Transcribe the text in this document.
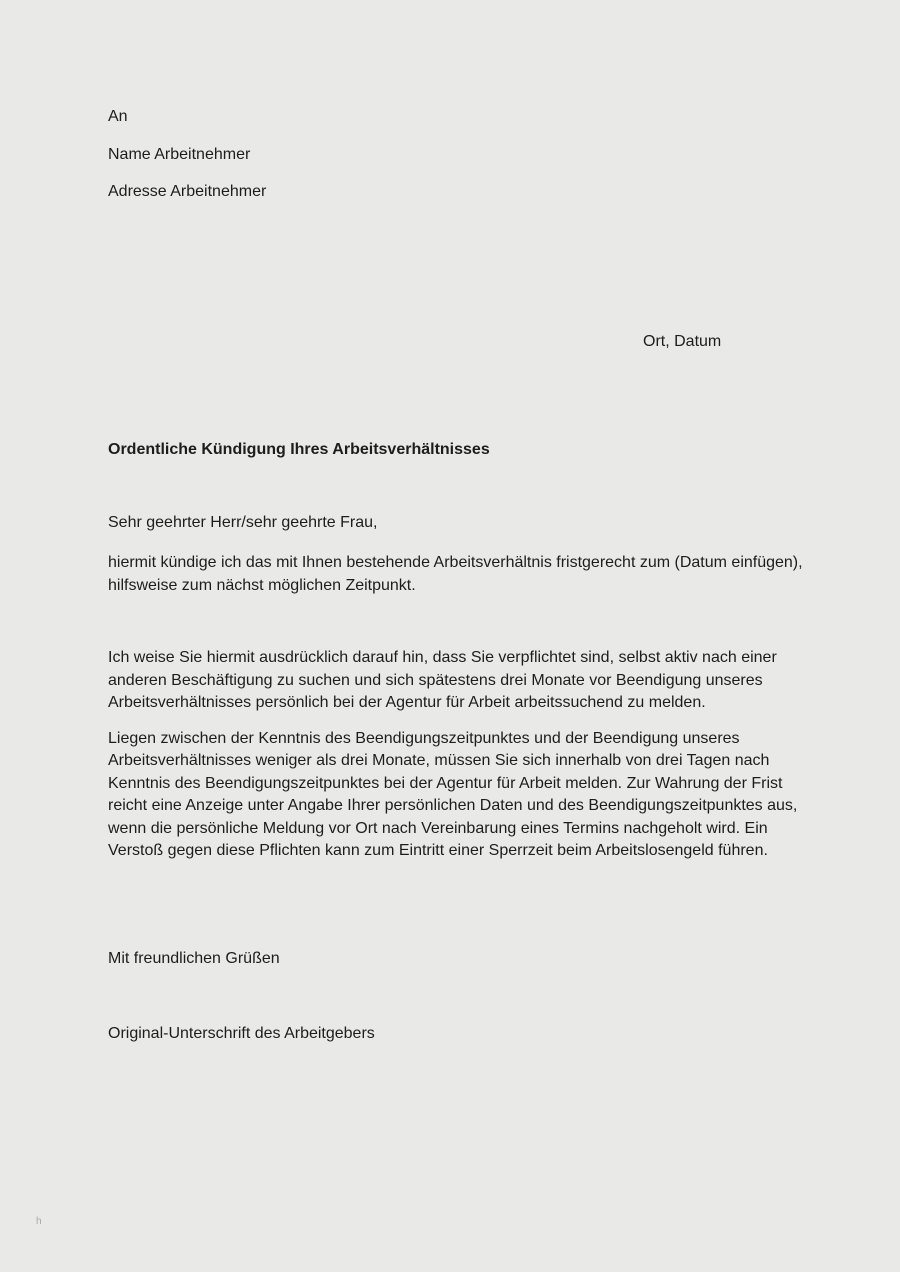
An
Name Arbeitnehmer
Adresse Arbeitnehmer
Ort, Datum
Ordentliche Kündigung Ihres Arbeitsverhältnisses
Sehr geehrter Herr/sehr geehrte Frau,
hiermit kündige ich das mit Ihnen bestehende Arbeitsverhältnis fristgerecht zum (Datum einfügen), hilfsweise zum nächst möglichen Zeitpunkt.
Ich weise Sie hiermit ausdrücklich darauf hin, dass Sie verpflichtet sind, selbst aktiv nach einer anderen Beschäftigung zu suchen und sich spätestens drei Monate vor Beendigung unseres Arbeitsverhältnisses persönlich bei der Agentur für Arbeit arbeitssuchend zu melden.
Liegen zwischen der Kenntnis des Beendigungszeitpunktes und der Beendigung unseres Arbeitsverhältnisses weniger als drei Monate, müssen Sie sich innerhalb von drei Tagen nach Kenntnis des Beendigungszeitpunktes bei der Agentur für Arbeit melden. Zur Wahrung der Frist reicht eine Anzeige unter Angabe Ihrer persönlichen Daten und des Beendigungszeitpunktes aus, wenn die persönliche Meldung vor Ort nach Vereinbarung eines Termins nachgeholt wird. Ein Verstoß gegen diese Pflichten kann zum Eintritt einer Sperrzeit beim Arbeitslosengeld führen.
Mit freundlichen Grüßen
Original-Unterschrift des Arbeitgebers
h
